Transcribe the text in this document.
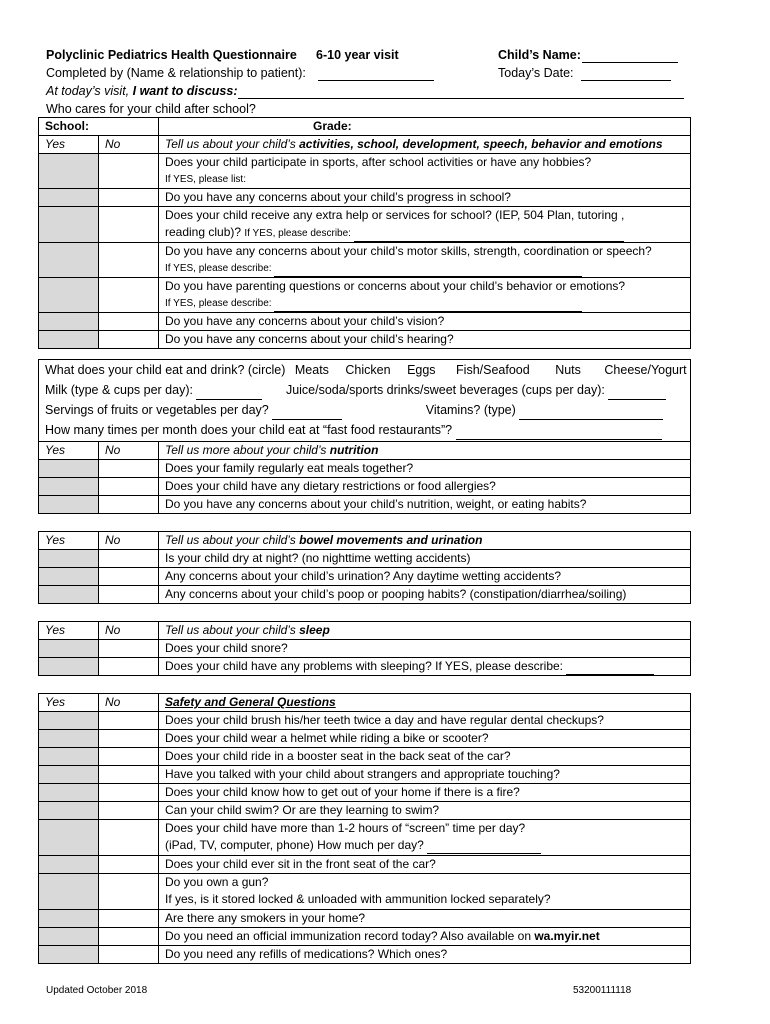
Polyclinic Pediatrics Health Questionnaire 6-10 year visit	Child’s Name:
Completed by (Name & relationship to patient):	Today’s Date:
At today’s visit, I want to discuss:
Who cares for your child after school?
School:		Grade:
Yes	No	Tell us about your child’s activities, school, development, speech, behavior and emotions

		Does your child participate in sports, after school activities or have any hobbies?
If YES, please list:

		Do you have any concerns about your child’s progress in school?

		Does your child receive any extra help or services for school? (IEP, 504 Plan, tutoring ,
reading club)? If YES, please describe:

		Do you have any concerns about your child’s motor skills, strength, coordination or speech?
If YES, please describe:

		Do you have parenting questions or concerns about your child’s behavior or emotions?
If YES, please describe:

		Do you have any concerns about your child’s vision?
		Do you have any concerns about your child’s hearing?
What does your child eat and drink? (circle) Meats Chicken Eggs Fish/Seafood Nuts Cheese/Yogurt
Milk (type & cups per day):	Juice/soda/sports drinks/sweet beverages (cups per day):
Servings of fruits or vegetables per day?	Vitamins? (type)
How many times per month does your child eat at “fast food restaurants”?
Yes	No	Tell us more about your child’s nutrition
		Does your family regularly eat meals together?
		Does your child have any dietary restrictions or food allergies?
		Do you have any concerns about your child’s nutrition, weight, or eating habits?
Yes	No	Tell us about your child’s bowel movements and urination
		Is your child dry at night? (no nighttime wetting accidents)
		Any concerns about your child’s urination? Any daytime wetting accidents?
		Any concerns about your child’s poop or pooping habits? (constipation/diarrhea/soiling)
Yes	No	Tell us about your child’s sleep
		Does your child snore?
		Does your child have any problems with sleeping? If YES, please describe:
Yes	No	Safety and General Questions
		Does your child brush his/her teeth twice a day and have regular dental checkups?
		Does your child wear a helmet while riding a bike or scooter?
		Does your child ride in a booster seat in the back seat of the car?
		Have you talked with your child about strangers and appropriate touching?
		Does your child know how to get out of your home if there is a fire?
		Can your child swim? Or are they learning to swim?

		Does your child have more than 1-2 hours of “screen” time per day?
(iPad, TV, computer, phone) How much per day?

		Does your child ever sit in the front seat of the car?

		Do you own a gun?
If yes, is it stored locked & unloaded with ammunition locked separately?

		Are there any smokers in your home?
		Do you need an official immunization record today? Also available on wa.myir.net
		Do you need any refills of medications? Which ones?
Updated October 2018	53200111118
